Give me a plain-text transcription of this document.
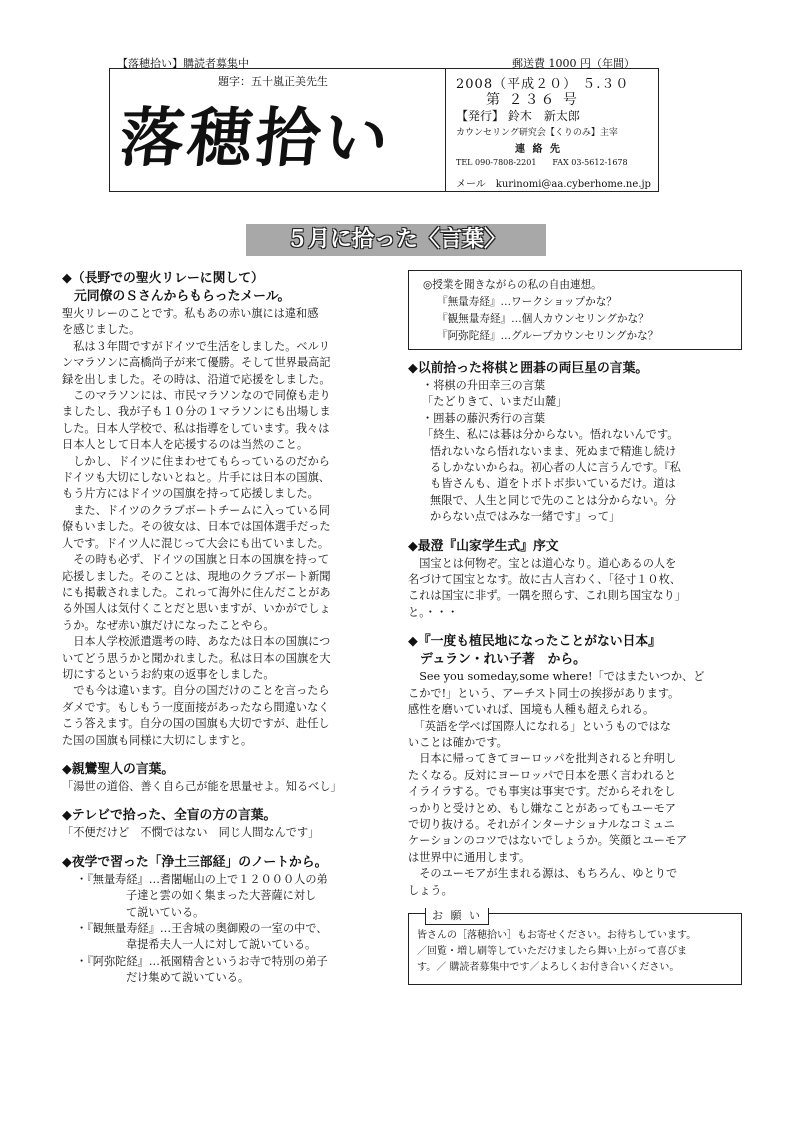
【落穂拾い】購読者募集中	郵送費 1000 円（年間）
題字：五十嵐正美先生
落穂拾い
2008（平成２０） ５.３０
第 ２３６ 号
【発行】 鈴木　新太郎
カウンセリング研究会【くりのみ】主宰
連 絡 先
TEL 090-7808-2201　　FAX 03-5612-1678
メール　kurinomi@aa.cyberhome.ne.jp
５月に拾った〈言葉〉
◆（長野での聖火リレーに関して）
元同僚のＳさんからもらったメール。

聖火リレーのことです。私もあの赤い旗には違和感

を感じました。

　私は３年間ですがドイツで生活をしました。ベルリ

ンマラソンに高橋尚子が来て優勝。そして世界最高記

録を出しました。その時は、沿道で応援をしました。

　このマラソンには、市民マラソンなので同僚も走り

ましたし、我が子も１０分の１マラソンにも出場しま

した。日本人学校で、私は指導をしています。我々は

日本人として日本人を応援するのは当然のこと。

　しかし、ドイツに住まわせてもらっているのだから

ドイツも大切にしないとねと。片手には日本の国旗、

もう片方にはドイツの国旗を持って応援しました。

　また、ドイツのクラブボートチームに入っている同

僚もいました。その彼女は、日本では国体選手だった

人です。ドイツ人に混じって大会にも出ていました。

　その時も必ず、ドイツの国旗と日本の国旗を持って

応援しました。そのことは、現地のクラブボート新聞

にも掲載されました。これって海外に住んだことがあ

る外国人は気付くことだと思いますが、いかがでしょ

うか。なぜ赤い旗だけになったことやら。

　日本人学校派遣選考の時、あなたは日本の国旗につ

いてどう思うかと聞かれました。私は日本の国旗を大

切にするというお約束の返事をしました。

　でも今は違います。自分の国だけのことを言ったら

ダメです。もしもう一度面接があったなら間違いなく

こう答えます。自分の国の国旗も大切ですが、赴任し

た国の国旗も同様に大切にしますと。

◆親鸞聖人の言葉。

「湯世の道俗、善く自ら己が能を思量せよ。知るべし」

◆テレビで拾った、全盲の方の言葉。

「不便だけど　不憫ではない　同じ人間なんです」

◆夜学で習った「浄土三部経」のノートから。

・『無量寿経』…耆闍崛山の上で１２０００人の弟

子達と雲の如く集まった大菩薩に対し

て説いている。

・『観無量寿経』…王舎城の奥御殿の一室の中で、

韋提希夫人一人に対して説いている。

・『阿弥陀経』…祇園精舎というお寺で特別の弟子

だけ集めて説いている。

◎授業を聞きながらの私の自由連想。

『無量寿経』…ワークショップかな？

『観無量寿経』…個人カウンセリングかな？

『阿弥陀経』…グループカウンセリングかな？

◆以前拾った将棋と囲碁の両巨星の言葉。

・将棋の升田幸三の言葉

「たどりきて、いまだ山麓」

・囲碁の藤沢秀行の言葉

「終生、私には碁は分からない。悟れないんです。

悟れないなら悟れないまま、死ぬまで精進し続け

るしかないからね。初心者の人に言うんです。『私

も皆さんも、道をトボトボ歩いているだけ。道は

無限で、人生と同じで先のことは分からない。分

からない点ではみな一緒です』って」

◆最澄『山家学生式』序文

　国宝とは何物ぞ。宝とは道心なり。道心あるの人を

名づけて国宝となす。故に古人言わく、「径寸１０枚、

これは国宝に非ず。一隅を照らす、これ則ち国宝なり」

と。・・・

◆『一度も植民地になったことがない日本』
デュラン・れい子著　から。

　See you someday,some where!「ではまたいつか、ど

こかで!」という、アーチスト同士の挨拶があります。

感性を磨いていれば、国境も人種も超えられる。

　「英語を学べば国際人になれる」というものではな

いことは確かです。

　日本に帰ってきてヨーロッパを批判されると弁明し

たくなる。反対にヨーロッパで日本を悪く言われると

イライラする。でも事実は事実です。だからそれをし

っかりと受けとめ、もし嫌なことがあってもユーモア

で切り抜ける。それがインターナショナルなコミュニ

ケーションのコツではないでしょうか。笑顔とユーモア

は世界中に通用します。

　そのユーモアが生まれる源は、もちろん、ゆとりで

しょう。

お 願 い

皆さんの［落穂拾い］もお寄せください。お待ちしています。

／回覧・増し刷等していただけましたら舞い上がって喜びま

す。／ 購読者募集中です／よろしくお付き合いください。
